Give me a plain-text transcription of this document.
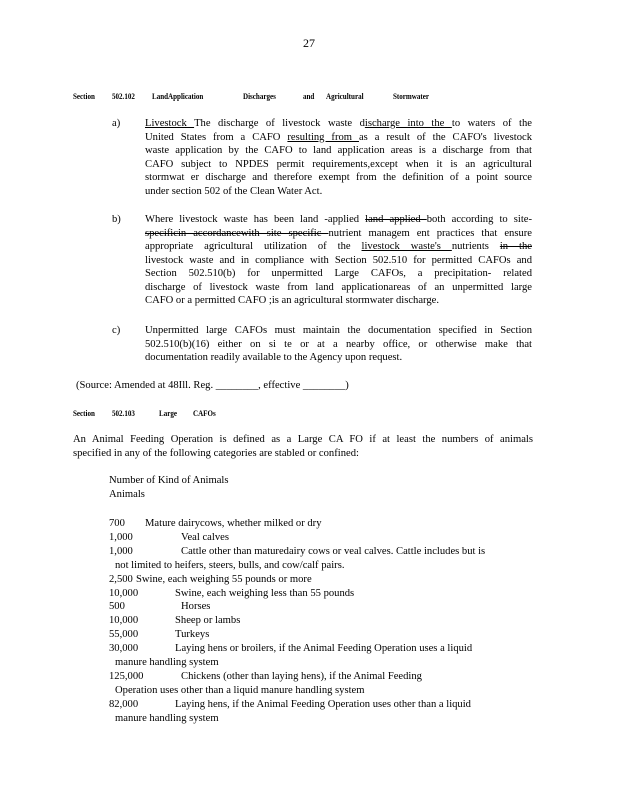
27
Section 502.102 LandApplication	Discharges	and Agricultural	Stormwater
a) Livestock The discharge of livestock waste discharge into the to waters of the
United States from a CAFO resulting from as a result of the CAFO's livestock
waste application by the CAFO to land application areas is a discharge from that
CAFO subject to NPDES permit requirements,except when it is an agricultural
stormwat er discharge and therefore exempt from the definition of a point source
under section 502 of the Clean Water Act.
b) Where livestock waste has been land -applied land applied both according to site-
specificin accordancewith site specific nutrient managem ent practices that ensure
appropriate agricultural utilization of the livestock waste's nutrients in the
livestock waste and in compliance with Section 502.510 for permitted CAFOs and
Section 502.510(b) for unpermitted Large CAFOs, a precipitation- related
discharge of livestock waste from land applicationareas of an unpermitted large
CAFO or a permitted CAFO ;is an agricultural stormwater discharge.
c) Unpermitted large CAFOs must maintain the documentation specified in Section
502.510(b)(16) either on si te or at a nearby office, or otherwise make that
documentation readily available to the Agency upon request.
(Source: Amended at 48Ill. Reg. ________, effective ________)
Section 502.103	Large CAFOs
An Animal Feeding Operation is defined as a Large CA FO if at least the numbers of animals
specified in any of the following categories are stabled or confined:
Number of Kind of Animals
Animals
700 Mature dairycows, whether milked or dry
1,000	Veal calves
1,000	Cattle other than maturedairy cows or veal calves. Cattle includes but is
not limited to heifers, steers, bulls, and cow/calf pairs.
2,500 Swine, each weighing 55 pounds or more
10,000	Swine, each weighing less than 55 pounds
500	Horses
10,000	Sheep or lambs
55,000	Turkeys
30,000	Laying hens or broilers, if the Animal Feeding Operation uses a liquid
manure handling system
125,000	Chickens (other than laying hens), if the Animal Feeding
Operation uses other than a liquid manure handling system
82,000	Laying hens, if the Animal Feeding Operation uses other than a liquid
manure handling system
